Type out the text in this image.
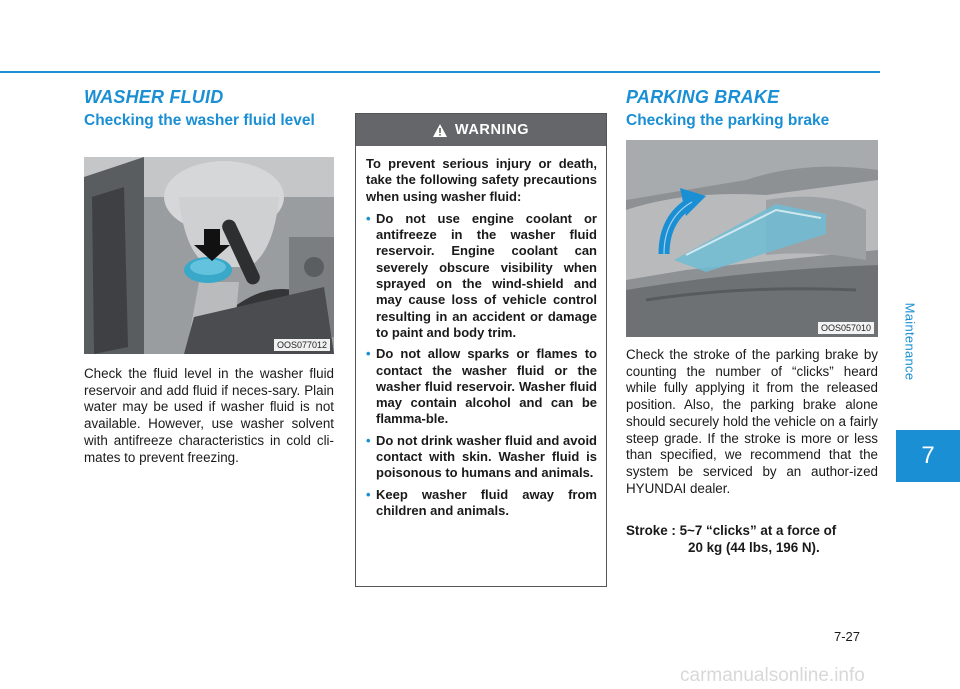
Maintenance
7
WASHER FLUID
Checking the washer fluid level
OOS077012
Check the fluid level in the washer fluid reservoir and add fluid if neces-sary. Plain water may be used if washer fluid is not available. However, use washer solvent with antifreeze characteristics in cold cli-mates to prevent freezing.
WARNING
To prevent serious injury or death, take the following safety precautions when using washer fluid:
• Do not use engine coolant or antifreeze in the washer fluid reservoir. Engine coolant can severely obscure visibility when sprayed on the wind-shield and may cause loss of vehicle control resulting in an accident or damage to paint and body trim.
• Do not allow sparks or flames to contact the washer fluid or the washer fluid reservoir. Washer fluid may contain alcohol and can be flamma-ble.
• Do not drink washer fluid and avoid contact with skin. Washer fluid is poisonous to humans and animals.
• Keep washer fluid away from children and animals.
PARKING BRAKE
Checking the parking brake
OOS057010
Check the stroke of the parking brake by counting the number of “clicks” heard while fully applying it from the released position. Also, the parking brake alone should securely hold the vehicle on a fairly steep grade. If the stroke is more or less than specified, we recommend that the system be serviced by an author-ized HYUNDAI dealer.
Stroke : 5~7 “clicks” at a force of
20 kg (44 lbs, 196 N).
7-27
carmanualsonline.info
